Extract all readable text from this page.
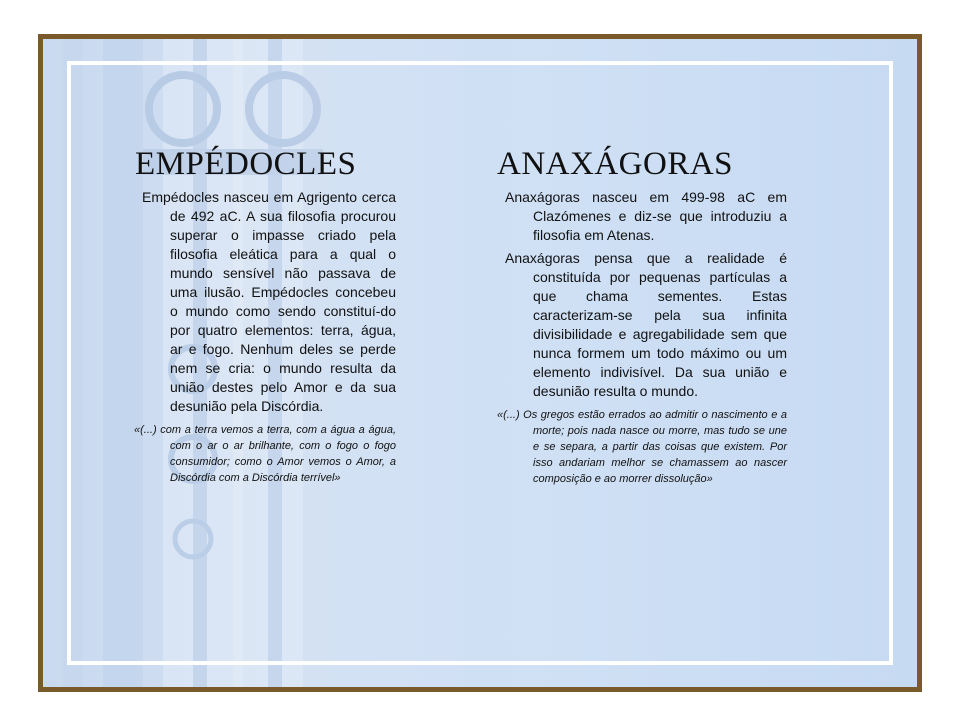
EMPÉDOCLES	ANAXÁGORAS

Empédocles nasceu em Agrigento cerca de 492 aC. A sua filosofia procurou superar o impasse criado pela filosofia eleática para a qual o mundo sensível não passava de uma ilusão. Empédocles concebeu o mundo como sendo constituí-do por quatro elementos: terra, água, ar e fogo. Nenhum deles se perde nem se cria: o mundo resulta da união destes pelo Amor e da sua desunião pela Discórdia.

«(...) com a terra vemos a terra, com a água a água, com o ar o ar brilhante, com o fogo o fogo consumidor; como o Amor vemos o Amor, a Discórdia com a Discórdia terrível»

Anaxágoras nasceu em 499-98 aC em Clazómenes e diz-se que introduziu a filosofia em Atenas.

Anaxágoras pensa que a realidade é constituída por pequenas partículas a que chama sementes. Estas caracterizam-se pela sua infinita divisibilidade e agregabilidade sem que nunca formem um todo máximo ou um elemento indivisível. Da sua união e desunião resulta o mundo.

«(...) Os gregos estão errados ao admitir o nascimento e a morte; pois nada nasce ou morre, mas tudo se une e se separa, a partir das coisas que existem. Por isso andariam melhor se chamassem ao nascer composição e ao morrer dissolução»
